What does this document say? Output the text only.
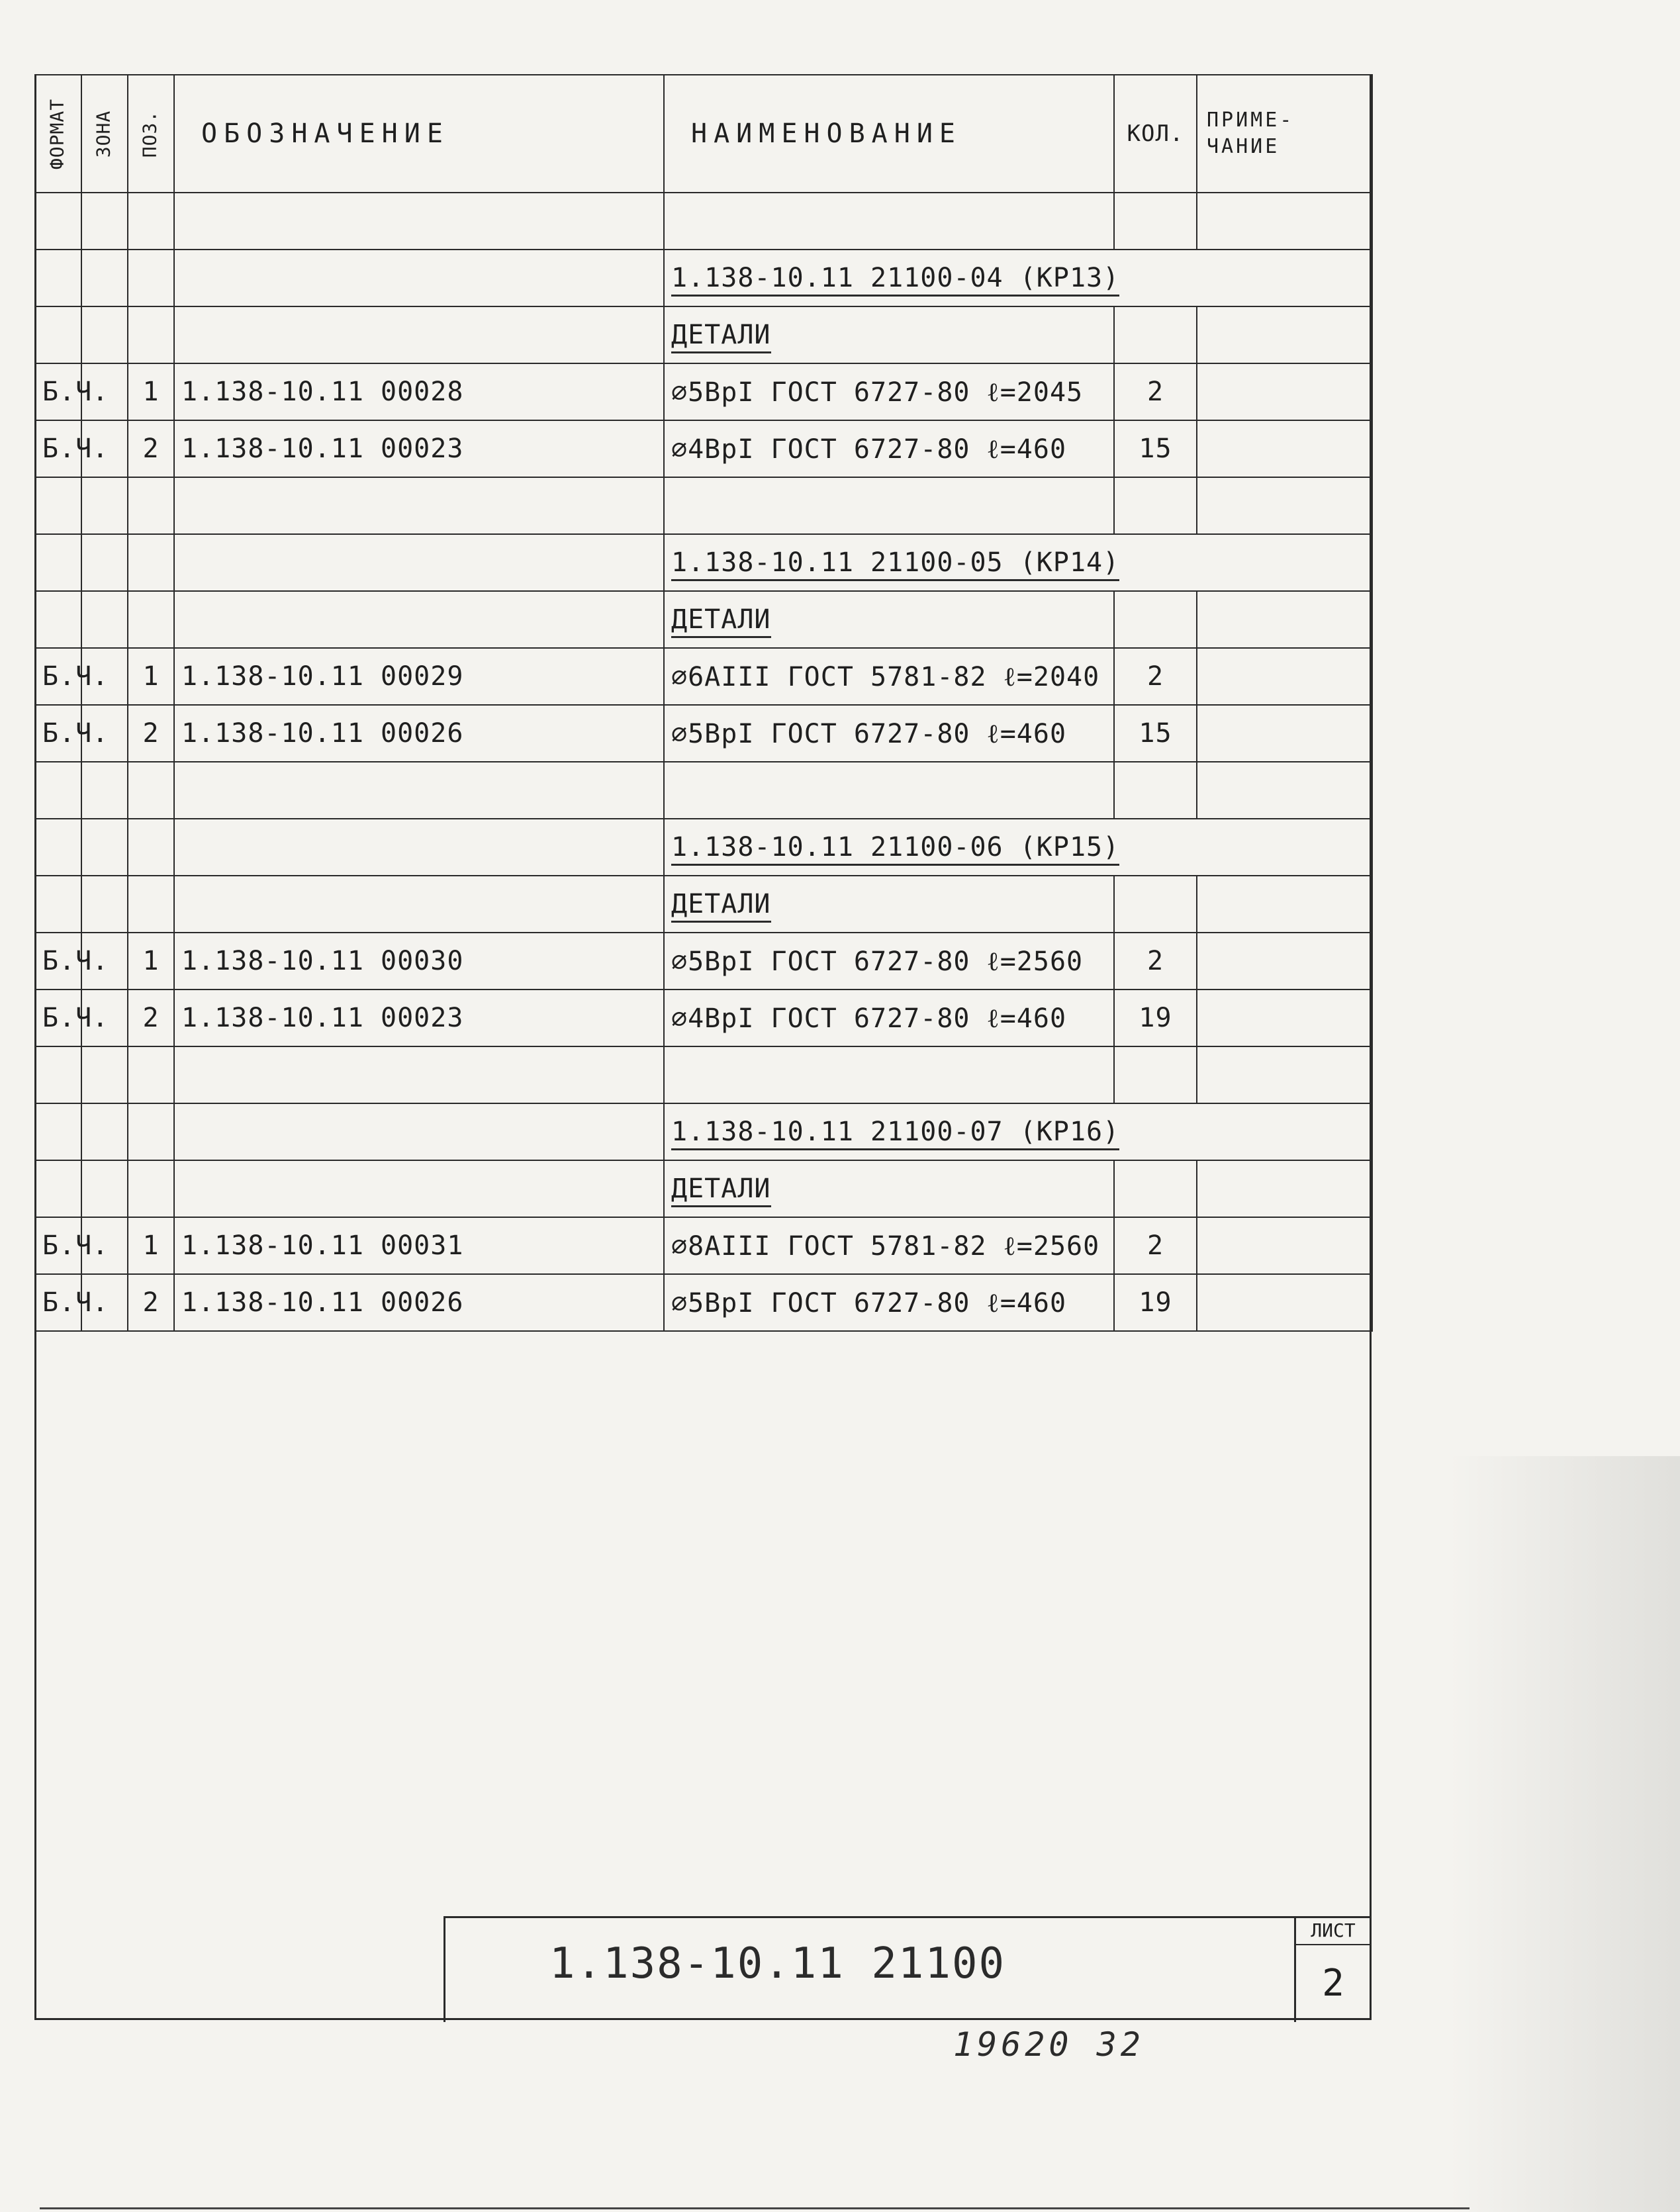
ФОРМАТ	ЗОНА	ПОЗ.	ОБОЗНАЧЕНИЕ	НАИМЕНОВАНИЕ	КОЛ.	ПРИМЕ-ЧАНИЕ

				1.138-10.11 21100-04 (КР13)		
				ДЕТАЛИ		
Б.Ч.		1	1.138-10.11 00028	⌀5ВрI ГОСТ 6727-80 ℓ=2045	2	
Б.Ч.		2	1.138-10.11 00023	⌀4ВрI ГОСТ 6727-80 ℓ=460	15	

				1.138-10.11 21100-05 (КР14)		
				ДЕТАЛИ		
Б.Ч.		1	1.138-10.11 00029	⌀6АIII ГОСТ 5781-82 ℓ=2040	2	
Б.Ч.		2	1.138-10.11 00026	⌀5ВрI ГОСТ 6727-80 ℓ=460	15	

				1.138-10.11 21100-06 (КР15)		
				ДЕТАЛИ		
Б.Ч.		1	1.138-10.11 00030	⌀5ВрI ГОСТ 6727-80 ℓ=2560	2	
Б.Ч.		2	1.138-10.11 00023	⌀4ВрI ГОСТ 6727-80 ℓ=460	19	

				1.138-10.11 21100-07 (КР16)		
				ДЕТАЛИ		
Б.Ч.		1	1.138-10.11 00031	⌀8АIII ГОСТ 5781-82 ℓ=2560	2	
Б.Ч.		2	1.138-10.11 00026	⌀5ВрI ГОСТ 6727-80 ℓ=460	19	
1.138-10.11 21100
ЛИСТ
2
19620 32
